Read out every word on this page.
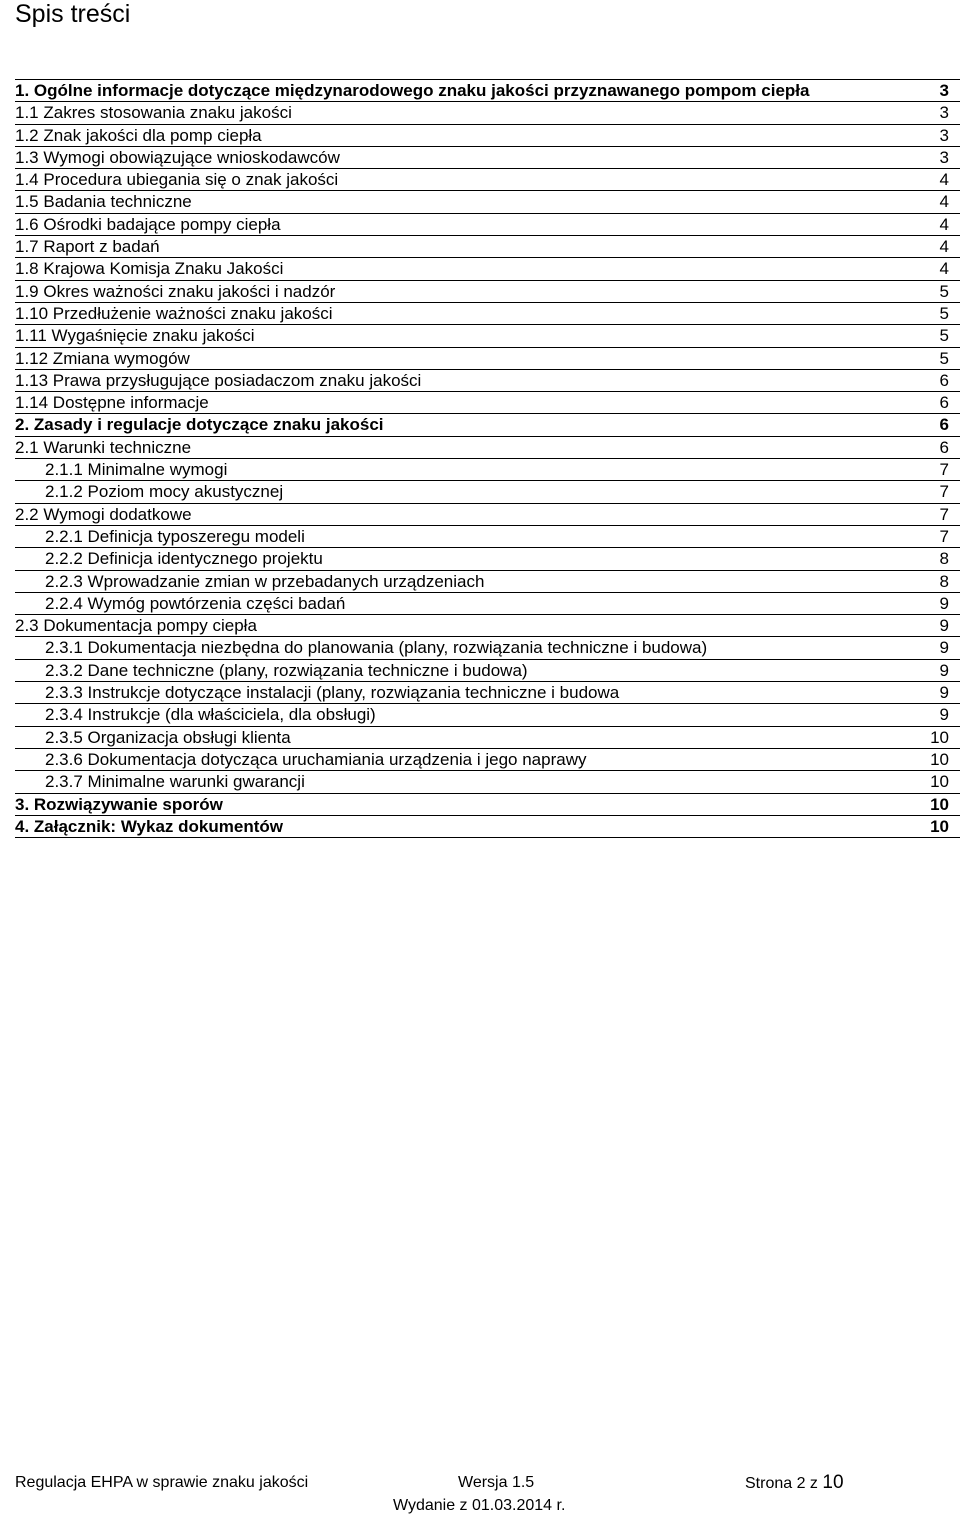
Spis treści
1. Ogólne informacje dotyczące międzynarodowego znaku jakości przyznawanego pompom ciepła	3
1.1 Zakres stosowania znaku jakości	3
1.2 Znak jakości dla pomp ciepła	3
1.3 Wymogi obowiązujące wnioskodawców	3
1.4 Procedura ubiegania się o znak jakości	4
1.5 Badania techniczne	4
1.6 Ośrodki badające pompy ciepła	4
1.7 Raport z badań	4
1.8 Krajowa Komisja Znaku Jakości	4
1.9 Okres ważności znaku jakości i nadzór	5
1.10 Przedłużenie ważności znaku jakości	5
1.11 Wygaśnięcie znaku jakości	5
1.12 Zmiana wymogów	5
1.13 Prawa przysługujące posiadaczom znaku jakości	6
1.14 Dostępne informacje	6
2. Zasady i regulacje dotyczące znaku jakości	6
2.1 Warunki techniczne	6
2.1.1 Minimalne wymogi	7
2.1.2 Poziom mocy akustycznej	7
2.2 Wymogi dodatkowe	7
2.2.1 Definicja typoszeregu modeli	7
2.2.2 Definicja identycznego projektu	8
2.2.3 Wprowadzanie zmian w przebadanych urządzeniach	8
2.2.4 Wymóg powtórzenia części badań	9
2.3 Dokumentacja pompy ciepła	9
2.3.1 Dokumentacja niezbędna do planowania (plany, rozwiązania techniczne i budowa)	9
2.3.2 Dane techniczne (plany, rozwiązania techniczne i budowa)	9
2.3.3 Instrukcje dotyczące instalacji (plany, rozwiązania techniczne i budowa	9
2.3.4 Instrukcje (dla właściciela, dla obsługi)	9
2.3.5 Organizacja obsługi klienta	10
2.3.6 Dokumentacja dotycząca uruchamiania urządzenia i jego naprawy	10
2.3.7 Minimalne warunki gwarancji	10
3. Rozwiązywanie sporów	10
4. Załącznik: Wykaz dokumentów	10
Regulacja EHPA w sprawie znaku jakości	Wersja 1.5	Strona 2 z 10
Wydanie z 01.03.2014 r.
